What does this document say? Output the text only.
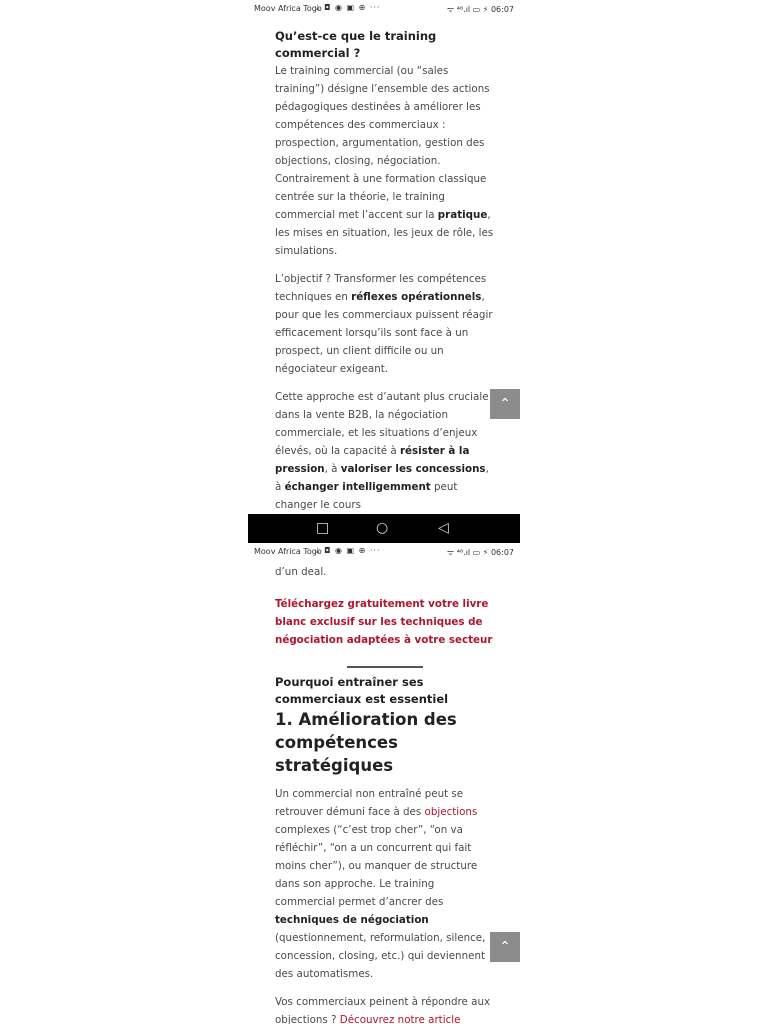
Moov Africa Togo
⤓ ◘ ◉ ▣ ⊕ ···	ᯤ ⁴⁶.ıl ▭ ⚡ 06:07
Qu’est-ce que le training commercial ?

Le training commercial (ou “sales training”) désigne l’ensemble des actions pédagogiques destinées à améliorer les compétences des commerciaux : prospection, argumentation, gestion des objections, closing, négociation. Contrairement à une formation classique centrée sur la théorie, le training commercial met l’accent sur la pratique, les mises en situation, les jeux de rôle, les simulations.

L’objectif ? Transformer les compétences techniques en réflexes opérationnels, pour que les commerciaux puissent réagir efficacement lorsqu’ils sont face à un prospect, un client difficile ou un négociateur exigeant.

Cette approche est d’autant plus cruciale dans la vente B2B, la négociation commerciale, et les situations d’enjeux élevés, où la capacité à résister à la pression, à valoriser les concessions, à échanger intelligemment peut changer le cours

⌃
□	○	◁
Moov Africa Togo
⤓ ◘ ◉ ▣ ⊕ ···	ᯤ ⁴⁶.ıl ▭ ⚡ 06:07

d’un deal.

Téléchargez gratuitement votre livre blanc exclusif sur les techniques de négociation adaptées à votre secteur

Pourquoi entraîner ses commerciaux est essentiel
1. Amélioration des compétences stratégiques

Un commercial non entraîné peut se retrouver démuni face à des objections complexes (“c’est trop cher”, “on va réfléchir”, “on a un concurrent qui fait moins cher”), ou manquer de structure dans son approche. Le training commercial permet d’ancrer des techniques de négociation (questionnement, reformulation, silence, concession, closing, etc.) qui deviennent des automatismes.

Vos commerciaux peinent à répondre aux objections ? Découvrez notre article

⌃
